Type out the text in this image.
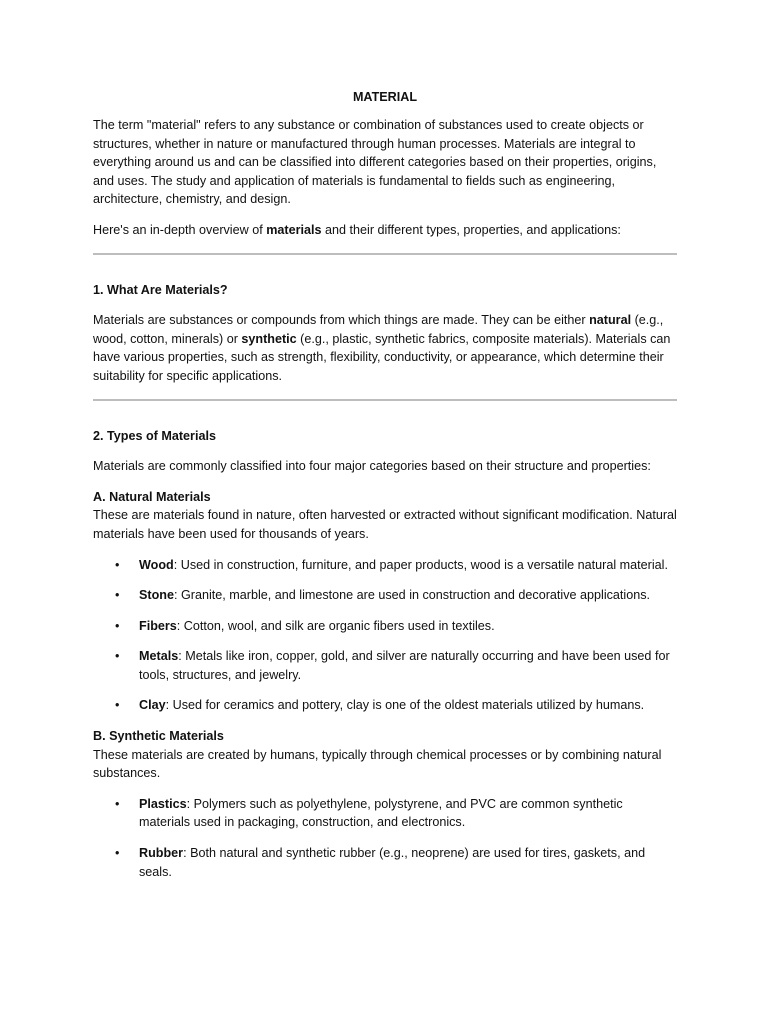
MATERIAL

The term "material" refers to any substance or combination of substances used to create objects or structures, whether in nature or manufactured through human processes. Materials are integral to everything around us and can be classified into different categories based on their properties, origins, and uses. The study and application of materials is fundamental to fields such as engineering, architecture, chemistry, and design.

Here's an in-depth overview of materials and their different types, properties, and applications:

1. What Are Materials?

Materials are substances or compounds from which things are made. They can be either natural (e.g., wood, cotton, minerals) or synthetic (e.g., plastic, synthetic fabrics, composite materials). Materials can have various properties, such as strength, flexibility, conductivity, or appearance, which determine their suitability for specific applications.

2. Types of Materials

Materials are commonly classified into four major categories based on their structure and properties:

A. Natural Materials

These are materials found in nature, often harvested or extracted without significant modification. Natural materials have been used for thousands of years.

• Wood: Used in construction, furniture, and paper products, wood is a versatile natural material.
• Stone: Granite, marble, and limestone are used in construction and decorative applications.
• Fibers: Cotton, wool, and silk are organic fibers used in textiles.
• Metals: Metals like iron, copper, gold, and silver are naturally occurring and have been used for tools, structures, and jewelry.
• Clay: Used for ceramics and pottery, clay is one of the oldest materials utilized by humans.
B. Synthetic Materials

These materials are created by humans, typically through chemical processes or by combining natural substances.

• Plastics: Polymers such as polyethylene, polystyrene, and PVC are common synthetic materials used in packaging, construction, and electronics.
• Rubber: Both natural and synthetic rubber (e.g., neoprene) are used for tires, gaskets, and seals.
